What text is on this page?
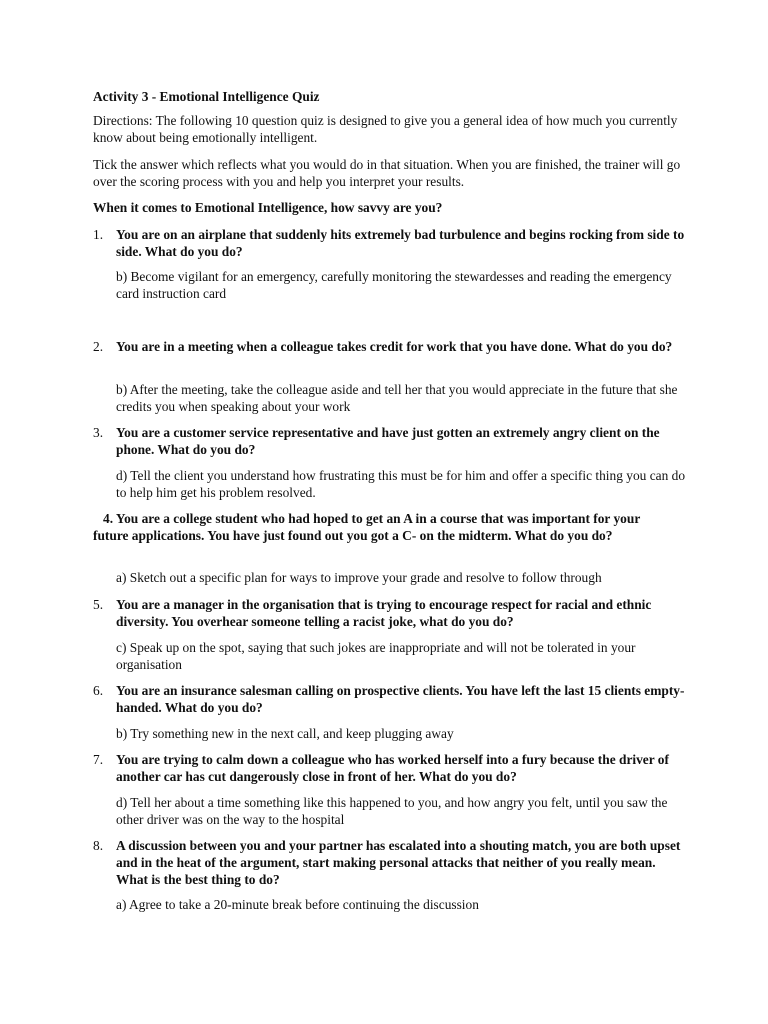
Activity 3 - Emotional Intelligence Quiz
Directions: The following 10 question quiz is designed to give you a general idea of how much you currently know about being emotionally intelligent.
Tick the answer which reflects what you would do in that situation. When you are finished, the trainer will go over the scoring process with you and help you interpret your results.
When it comes to Emotional Intelligence, how savvy are you?
1. You are on an airplane that suddenly hits extremely bad turbulence and begins rocking from side to side. What do you do?
b) Become vigilant for an emergency, carefully monitoring the stewardesses and reading the emergency card instruction card
2. You are in a meeting when a colleague takes credit for work that you have done. What do you do?
b) After the meeting, take the colleague aside and tell her that you would appreciate in the future that she credits you when speaking about your work
3. You are a customer service representative and have just gotten an extremely angry client on the phone. What do you do?
d) Tell the client you understand how frustrating this must be for him and offer a specific thing you can do to help him get his problem resolved.
4. You are a college student who had hoped to get an A in a course that was important for your future applications. You have just found out you got a C- on the midterm. What do you do?
a) Sketch out a specific plan for ways to improve your grade and resolve to follow through
5. You are a manager in the organisation that is trying to encourage respect for racial and ethnic diversity. You overhear someone telling a racist joke, what do you do?
c) Speak up on the spot, saying that such jokes are inappropriate and will not be tolerated in your organisation
6. You are an insurance salesman calling on prospective clients. You have left the last 15 clients empty-handed. What do you do?
b) Try something new in the next call, and keep plugging away
7. You are trying to calm down a colleague who has worked herself into a fury because the driver of another car has cut dangerously close in front of her. What do you do?
d) Tell her about a time something like this happened to you, and how angry you felt, until you saw the other driver was on the way to the hospital
8. A discussion between you and your partner has escalated into a shouting match, you are both upset and in the heat of the argument, start making personal attacks that neither of you really mean. What is the best thing to do?
a) Agree to take a 20-minute break before continuing the discussion
